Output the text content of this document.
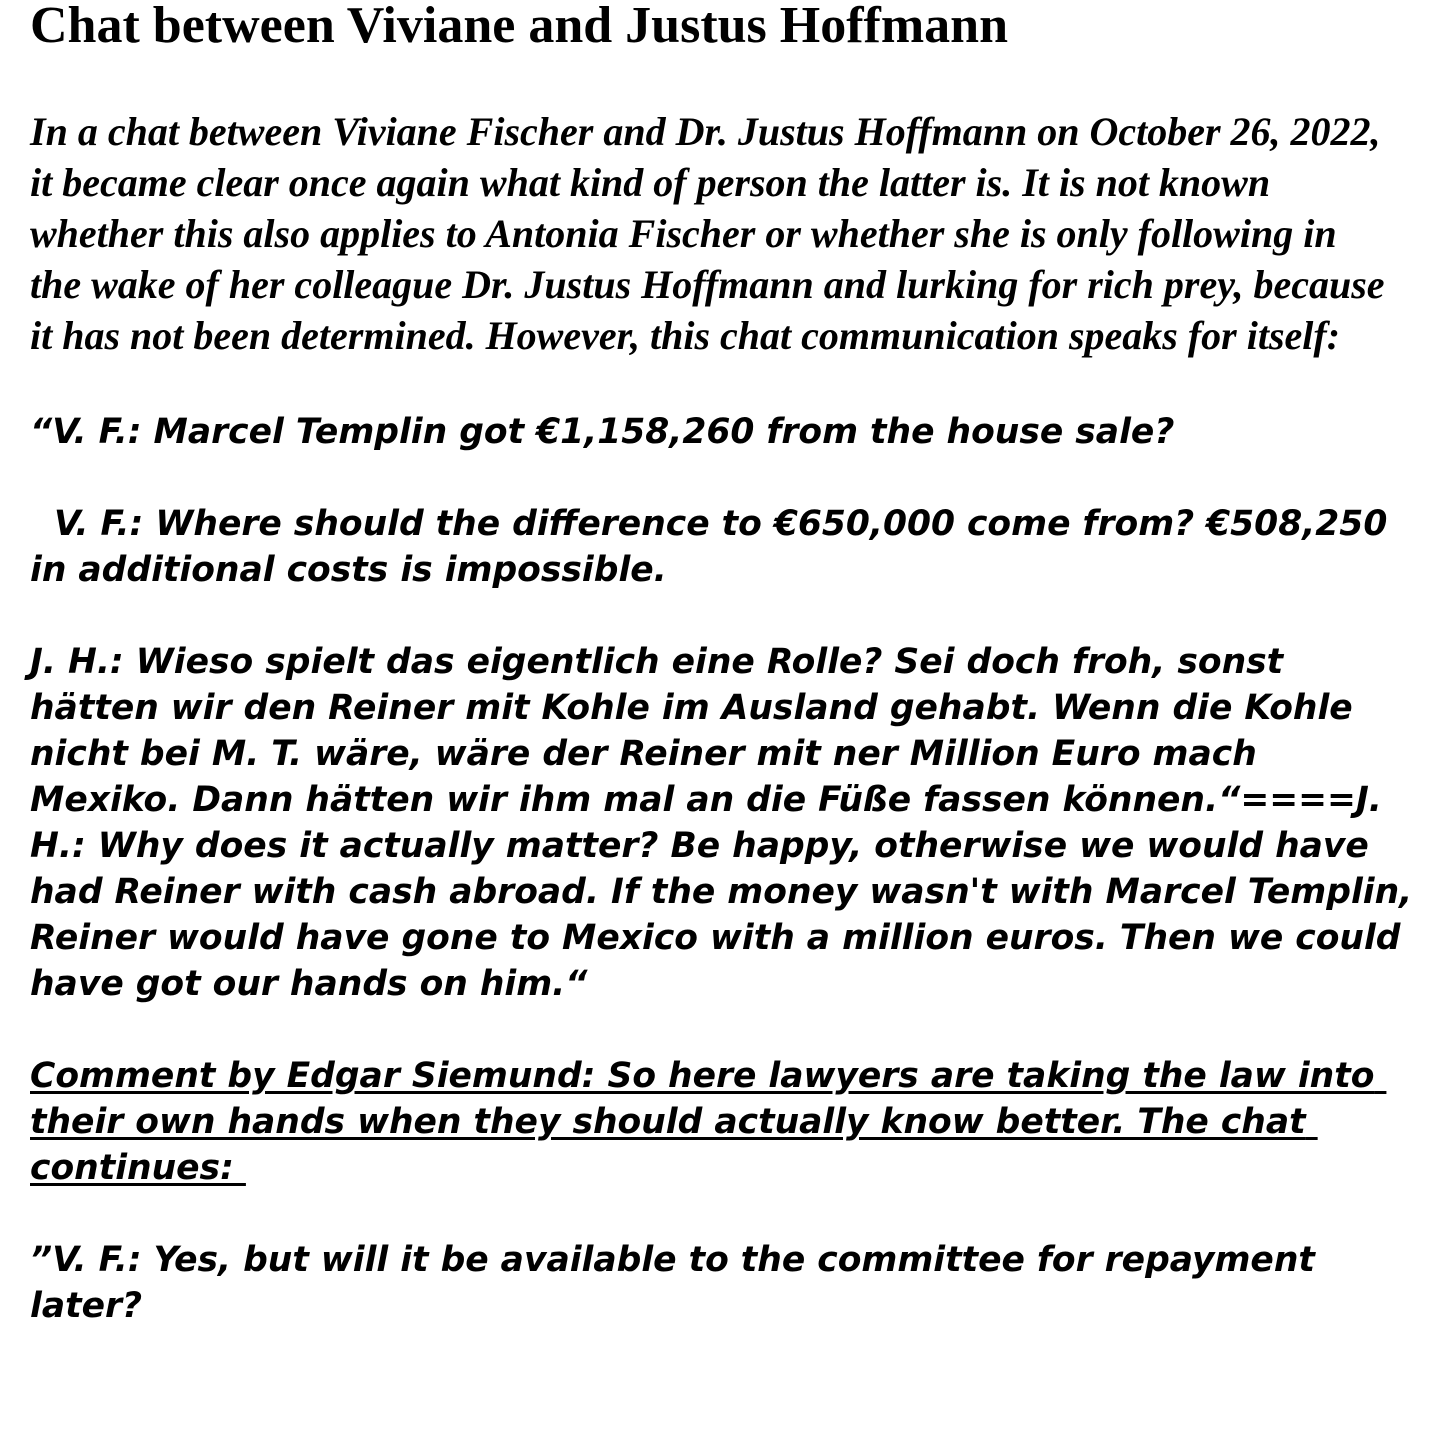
Chat between Viviane and Justus Hoffmann

In a chat between Viviane Fischer and Dr. Justus Hoffmann on October 26, 2022, it became clear once again what kind of person the latter is. It is not known whether this also applies to Antonia Fischer or whether she is only following in the wake of her colleague Dr. Justus Hoffmann and lurking for rich prey, because it has not been determined. However, this chat communication speaks for itself:

“V. F.: Marcel Templin got €1,158,260 from the house sale?

V. F.: Where should the difference to €650,000 come from? €508,250 in additional costs is impossible.

J. H.: Wieso spielt das eigentlich eine Rolle? Sei doch froh, sonst hätten wir den Reiner mit Kohle im Ausland gehabt. Wenn die Kohle nicht bei M. T. wäre, wäre der Reiner mit ner Million Euro mach Mexiko. Dann hätten wir ihm mal an die Füße fassen können.“====J. H.: Why does it actually matter? Be happy, otherwise we would have had Reiner with cash abroad. If the money wasn't with Marcel Templin, Reiner would have gone to Mexico with a million euros. Then we could have got our hands on him.“

Comment by Edgar Siemund: So here lawyers are taking the law into their own hands when they should actually know better. The chat continues:

”V. F.: Yes, but will it be available to the committee for repayment later?
